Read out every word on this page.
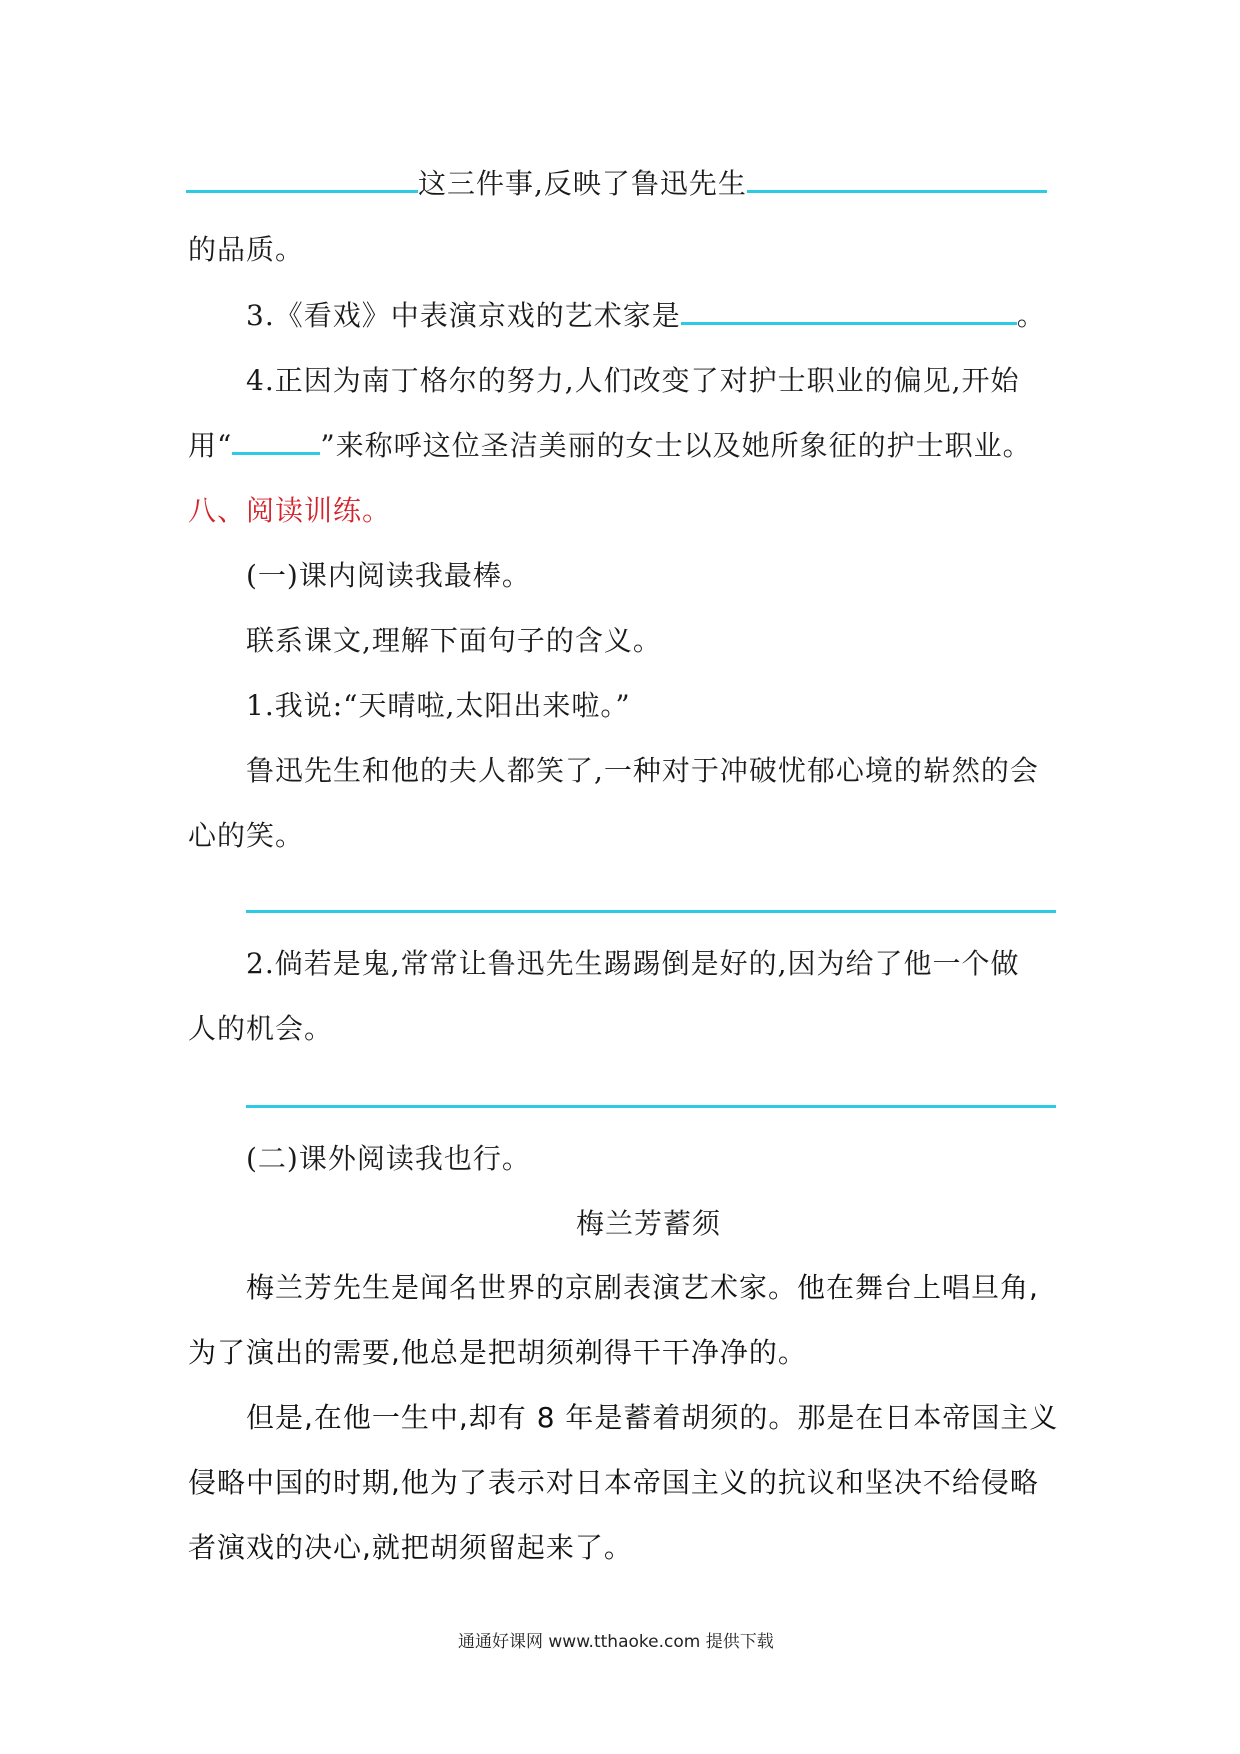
这三件事,反映了鲁迅先生
的品质。
3.《看戏》中表演京戏的艺术家是	。
4.正因为南丁格尔的努力,人们改变了对护士职业的偏见,开始
用“	”来称呼这位圣洁美丽的女士以及她所象征的护士职业。
八、阅读训练。
(一)课内阅读我最棒。
联系课文,理解下面句子的含义。
1.我说:“天晴啦,太阳出来啦。”
鲁迅先生和他的夫人都笑了,一种对于冲破忧郁心境的崭然的会
心的笑。
2.倘若是鬼,常常让鲁迅先生踢踢倒是好的,因为给了他一个做
人的机会。
(二)课外阅读我也行。
梅兰芳蓄须
梅兰芳先生是闻名世界的京剧表演艺术家。他在舞台上唱旦角,
为了演出的需要,他总是把胡须剃得干干净净的。
但是,在他一生中,却有 8 年是蓄着胡须的。那是在日本帝国主义
侵略中国的时期,他为了表示对日本帝国主义的抗议和坚决不给侵略
者演戏的决心,就把胡须留起来了。
通通好课网 www.tthaoke.com 提供下载
